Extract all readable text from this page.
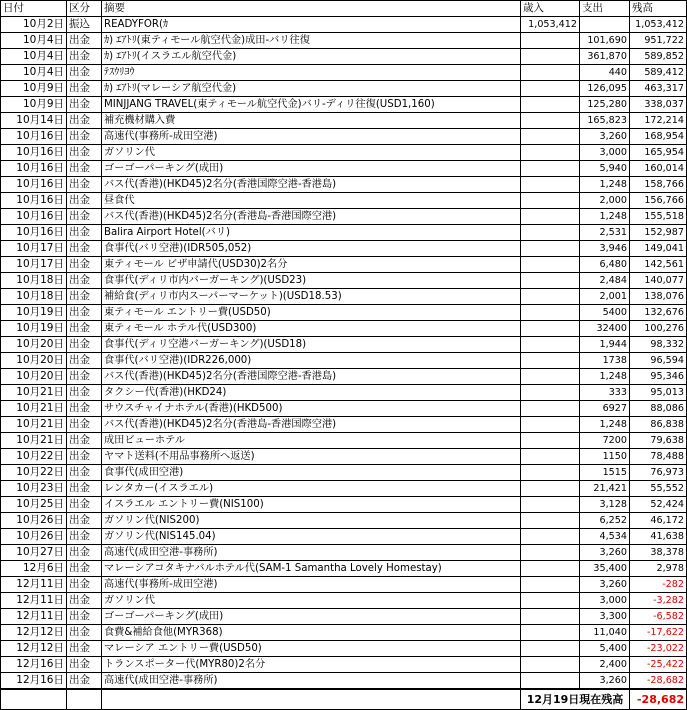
日付	区分	摘要	歳入	支出	残高
10月2日	振込	READYFOR(ｶ	1,053,412		1,053,412
10月4日	出金	ｶ) ｴｱﾄﾘ(東ティモール航空代金)成田-バリ往復		101,690	951,722
10月4日	出金	ｶ) ｴｱﾄﾘ(イスラエル航空代金)		361,870	589,852
10月4日	出金	ﾃｽｳﾘﾖｳ		440	589,412
10月9日	出金	ｶ) ｴｱﾄﾘ(マレーシア航空代金)		126,095	463,317
10月9日	出金	MINJJANG TRAVEL(東ティモール航空代金)バリ-ディリ往復(USD1,160)		125,280	338,037
10月14日	出金	補充機材購入費		165,823	172,214
10月16日	出金	高速代(事務所-成田空港)		3,260	168,954
10月16日	出金	ガソリン代		3,000	165,954
10月16日	出金	ゴーゴーパーキング(成田)		5,940	160,014
10月16日	出金	バス代(香港)(HKD45)2名分(香港国際空港-香港島)		1,248	158,766
10月16日	出金	昼食代		2,000	156,766
10月16日	出金	バス代(香港)(HKD45)2名分(香港島-香港国際空港)		1,248	155,518
10月16日	出金	Balira Airport Hotel(バリ)		2,531	152,987
10月17日	出金	食事代(バリ空港)(IDR505,052)		3,946	149,041
10月17日	出金	東ティモール ビザ申請代(USD30)2名分		6,480	142,561
10月18日	出金	食事代(ディリ市内バーガーキング)(USD23)		2,484	140,077
10月18日	出金	補給食(ディリ市内スーパーマーケット)(USD18.53)		2,001	138,076
10月19日	出金	東ティモール エントリー費(USD50)		5400	132,676
10月19日	出金	東ティモール ホテル代(USD300)		32400	100,276
10月20日	出金	食事代(ディリ空港バーガーキング)(USD18)		1,944	98,332
10月20日	出金	食事代(バリ空港)(IDR226,000)		1738	96,594
10月20日	出金	バス代(香港)(HKD45)2名分(香港国際空港-香港島)		1,248	95,346
10月21日	出金	タクシー代(香港)(HKD24)		333	95,013
10月21日	出金	サウスチャイナホテル(香港)(HKD500)		6927	88,086
10月21日	出金	バス代(香港)(HKD45)2名分(香港島-香港国際空港)		1,248	86,838
10月21日	出金	成田ビューホテル		7200	79,638
10月22日	出金	ヤマト送料(不用品事務所へ返送)		1150	78,488
10月22日	出金	食事代(成田空港)		1515	76,973
10月23日	出金	レンタカー(イスラエル)		21,421	55,552
10月25日	出金	イスラエル エントリー費(NIS100)		3,128	52,424
10月26日	出金	ガソリン代(NIS200)		6,252	46,172
10月26日	出金	ガソリン代(NIS145.04)		4,534	41,638
10月27日	出金	高速代(成田空港-事務所)		3,260	38,378
12月6日	出金	マレーシアコタキナバルホテル代(SAM-1 Samantha Lovely Homestay)		35,400	2,978
12月11日	出金	高速代(事務所-成田空港)		3,260	-282
12月11日	出金	ガソリン代		3,000	-3,282
12月11日	出金	ゴーゴーパーキング(成田)		3,300	-6,582
12月12日	出金	食費&補給食他(MYR368)		11,040	-17,622
12月12日	出金	マレーシア エントリー費(USD50)		5,400	-23,022
12月16日	出金	トランスポーター代(MYR80)2名分		2,400	-25,422
12月16日	出金	高速代(成田空港-事務所)		3,260	-28,682
			12月19日現在残高		-28,682
